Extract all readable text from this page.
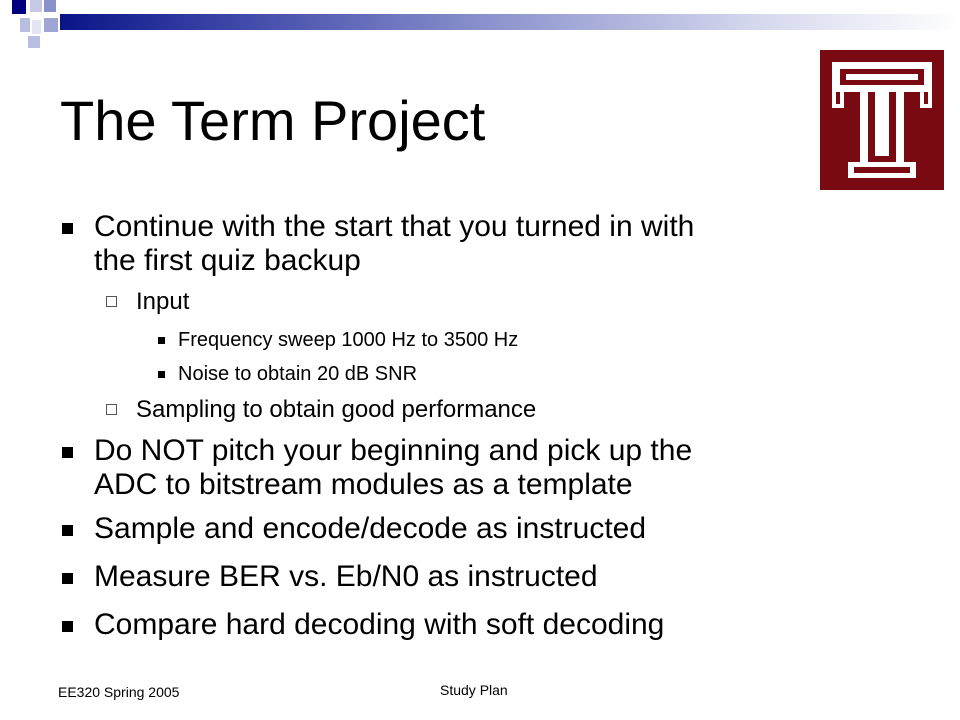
The Term Project
Continue with the start that you turned in with
the first quiz backup
Input
Frequency sweep 1000 Hz to 3500 Hz
Noise to obtain 20 dB SNR
Sampling to obtain good performance
Do NOT pitch your beginning and pick up the
ADC to bitstream modules as a template
Sample and encode/decode as instructed
Measure BER vs. Eb/N0 as instructed
Compare hard decoding with soft decoding
EE320 Spring 2005	Study Plan
